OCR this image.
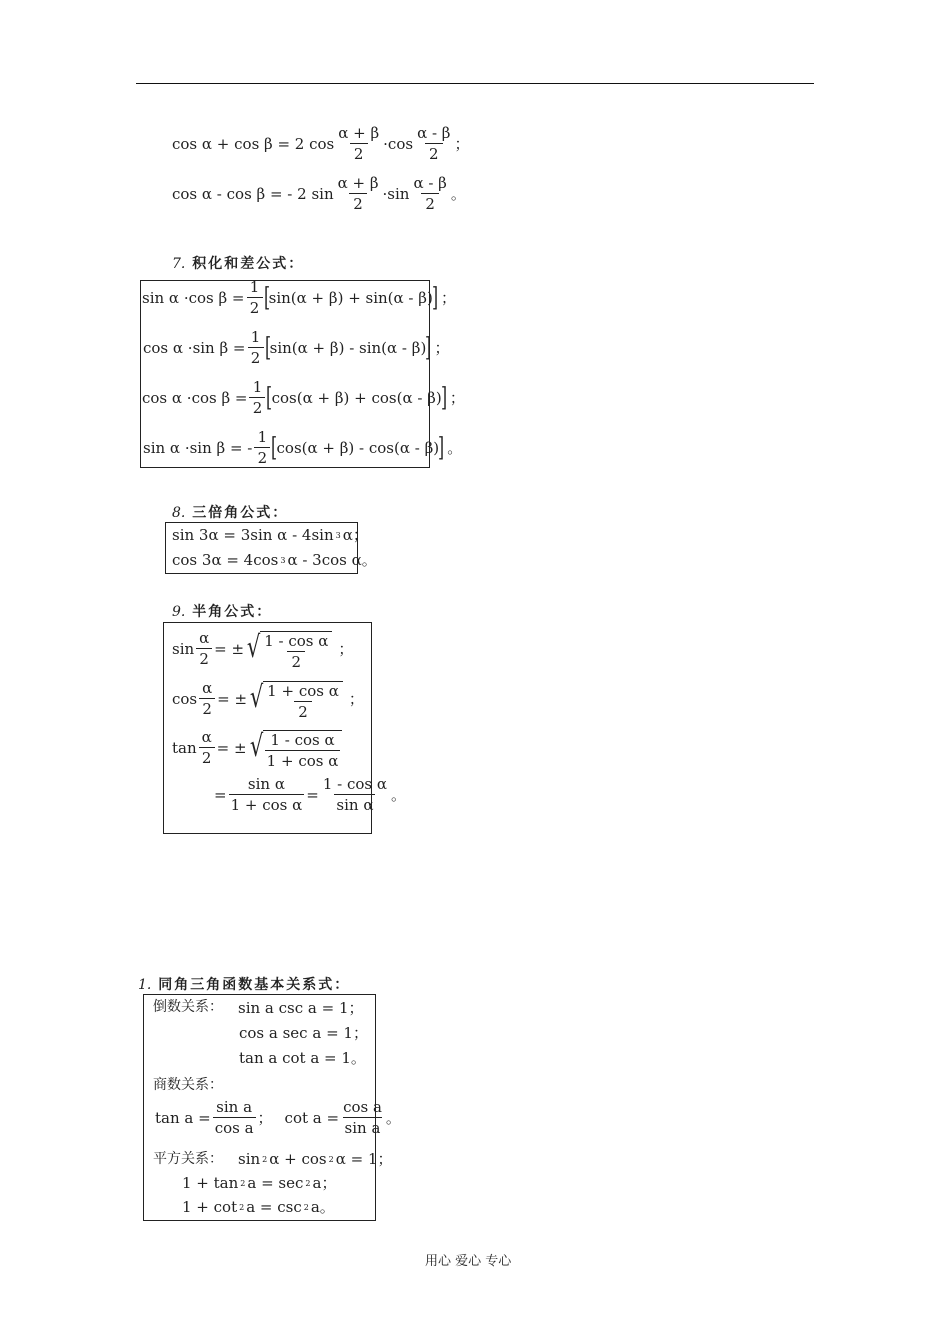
cos α + cos β = 2 $\cos \frac{\alpha + \beta}{2} \cdot\cos \frac{\alpha - \beta}{2}$ ；
cos α - cos β = - 2 $\sin \frac{\alpha + \beta}{2} \cdot\sin \frac{\alpha - \beta}{2}$ 。
7. 积化和差公式：
sin α ·cos $\beta = \frac{1}{2}$ [ sin(α + β) + sin(α - β) ] ；
cos α ·sin $\beta = \frac{1}{2}$ [ sin(α + β) - sin(α - β) ] ；
cos α ·cos $\beta = \frac{1}{2}$ [ cos(α + β) + cos(α - β) ] ；
sin α ·sin β = - $\frac{1}{2}$ [ cos(α + β) - cos(α - β) ] 。
8. 三倍角公式：
sin 3α = 3sin α - 4sin 3 α ；
cos 3α = 4cos 3 α - 3cos α 。
9. 半角公式：
$\sin \frac{\alpha}{2}$ = ± √ $\frac{\text{1 - cos α}}{2}$ ；
$\cos \frac{\alpha}{2}$ = ± √ $\frac{\text{1 + cos α}}{2}$ ；
$\tan \frac{\alpha}{2}$ = ± √ $\frac{\text{1 - cos α}}{\text{1 + cos α}}$
= $\frac{\text{sin α}}{\text{1 + cos α}} = \frac{\text{1 - cos α}}{\text{sin α}}$ 。
1. 同角三角函数基本关系式：
倒数关系： sin a csc a = 1；
cos a sec a = 1；
tan a cot a = 1。
商数关系：
$\tan a = \frac{\text{sin a}}{\text{cos a}}$ ； $\cot a = \frac{\text{cos a}}{\text{sin a}}$ 。
平方关系： sin 2 α + cos 2 α = 1；
1 + tan 2 a = sec 2 a；
1 + cot 2 a = csc 2 a。
用心 爱心 专心
